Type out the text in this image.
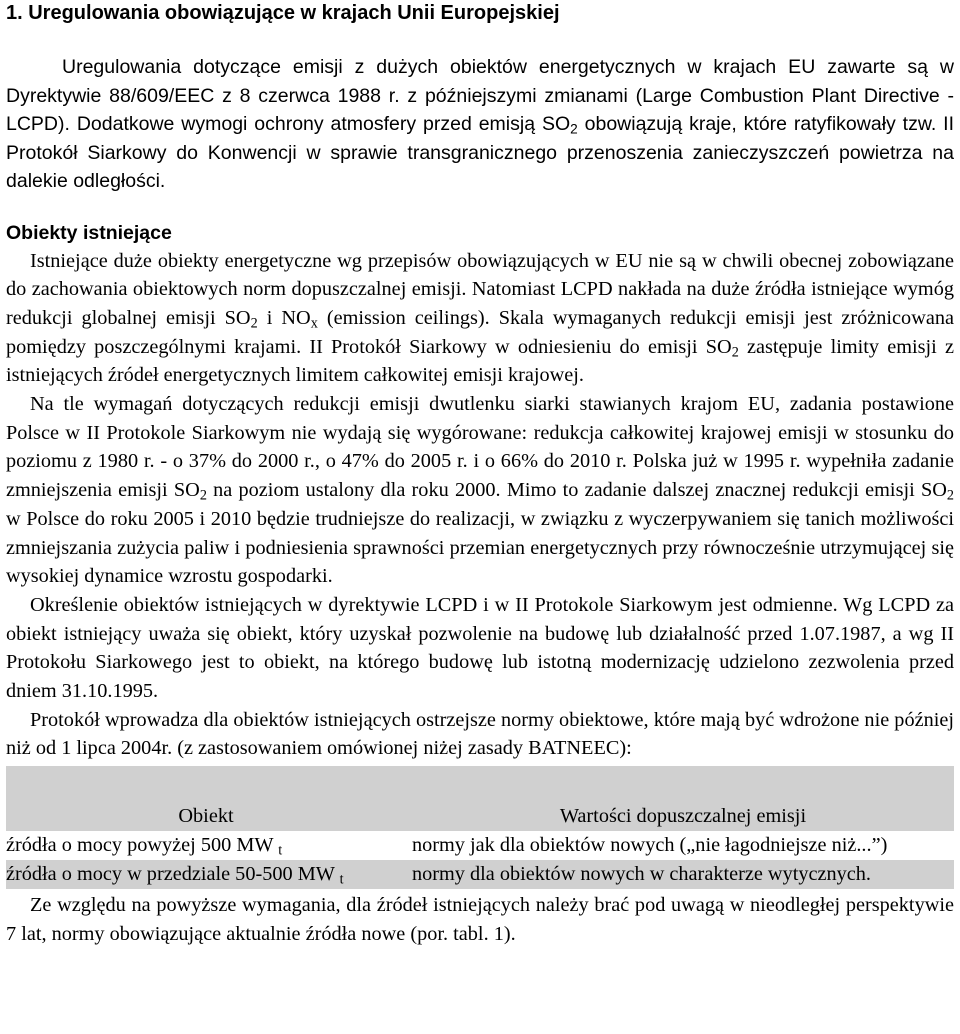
1. Uregulowania obowiązujące w krajach Unii Europejskiej

Uregulowania dotyczące emisji z dużych obiektów energetycznych w krajach EU zawarte są w Dyrektywie 88/609/EEC z 8 czerwca 1988 r. z późniejszymi zmianami (Large Combustion Plant Directive -LCPD). Dodatkowe wymogi ochrony atmosfery przed emisją $SO_2$ obowiązują kraje, które ratyfikowały tzw. II Protokół Siarkowy do Konwencji w sprawie transgranicznego przenoszenia zanieczyszczeń powietrza na dalekie odległości.

Obiekty istniejące

Istniejące duże obiekty energetyczne wg przepisów obowiązujących w EU nie są w chwili obecnej zobowiązane do zachowania obiektowych norm dopuszczalnej emisji. Natomiast LCPD nakłada na duże źródła istniejące wymóg redukcji globalnej emisji $SO_2$ i $NO_x$ (emission ceilings). Skala wymaganych redukcji emisji jest zróżnicowana pomiędzy poszczególnymi krajami. II Protokół Siarkowy w odniesieniu do emisji $SO_2$ zastępuje limity emisji z istniejących źródeł energetycznych limitem całkowitej emisji krajowej.

Na tle wymagań dotyczących redukcji emisji dwutlenku siarki stawianych krajom EU, zadania postawione Polsce w II Protokole Siarkowym nie wydają się wygórowane: redukcja całkowitej krajowej emisji w stosunku do poziomu z 1980 r. - o 37% do 2000 r., o 47% do 2005 r. i o 66% do 2010 r. Polska już w 1995 r. wypełniła zadanie zmniejszenia emisji $SO_2$ na poziom ustalony dla roku 2000. Mimo to zadanie dalszej znacznej redukcji emisji $SO_2$ w Polsce do roku 2005 i 2010 będzie trudniejsze do realizacji, w związku z wyczerpywaniem się tanich możliwości zmniejszania zużycia paliw i podniesienia sprawności przemian energetycznych przy równocześnie utrzymującej się wysokiej dynamice wzrostu gospodarki.

Określenie obiektów istniejących w dyrektywie LCPD i w II Protokole Siarkowym jest odmienne. Wg LCPD za obiekt istniejący uważa się obiekt, który uzyskał pozwolenie na budowę lub działalność przed 1.07.1987, a wg II Protokołu Siarkowego jest to obiekt, na którego budowę lub istotną modernizację udzielono zezwolenia przed dniem 31.10.1995.

Protokół wprowadza dla obiektów istniejących ostrzejsze normy obiektowe, które mają być wdrożone nie później niż od 1 lipca 2004r. (z zastosowaniem omówionej niżej zasady BATNEEC):

Obiekt	Wartości dopuszczalnej emisji
źródła o mocy powyżej 500 MW $_t$	normy jak dla obiektów nowych („nie łagodniejsze niż...”)
źródła o mocy w przedziale 50-500 MW $_t$	normy dla obiektów nowych w charakterze wytycznych.

Ze względu na powyższe wymagania, dla źródeł istniejących należy brać pod uwagą w nieodległej perspektywie 7 lat, normy obowiązujące aktualnie źródła nowe (por. tabl. 1).
